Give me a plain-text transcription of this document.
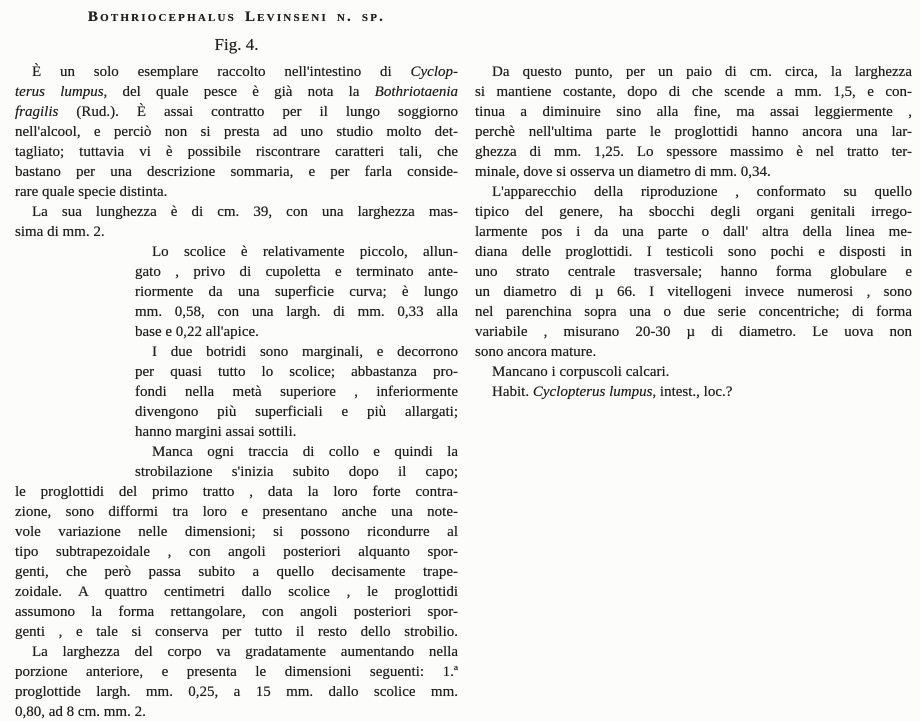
Bothriocephalus Levinseni n. sp.
Fig. 4.
È un solo esemplare raccolto nell'intestino di Cyclop-
terus lumpus, del quale pesce è già nota la Bothriotaenia
fragilis (Rud.). È assai contratto per il lungo soggiorno
nell'alcool, e perciò non si presta ad uno studio molto det-
tagliato; tuttavia vi è possibile riscontrare caratteri tali, che
bastano per una descrizione sommaria, e per farla conside-
rare quale specie distinta.
La sua lunghezza è di cm. 39, con una larghezza mas-
sima di mm. 2.
Lo scolice è relativamente piccolo, allun-
gato , privo di cupoletta e terminato ante-
riormente da una superficie curva; è lungo
mm. 0,58, con una largh. di mm. 0,33 alla
base e 0,22 all'apice.
I due botridi sono marginali, e decorrono
per quasi tutto lo scolice; abbastanza pro-
fondi nella metà superiore , inferiormente
divengono più superficiali e più allargati;
hanno margini assai sottili.
Manca ogni traccia di collo e quindi la
strobilazione s'inizia subito dopo il capo;
le proglottidi del primo tratto , data la loro forte contra-
zione, sono difformi tra loro e presentano anche una note-
vole variazione nelle dimensioni; si possono ricondurre al
tipo subtrapezoidale , con angoli posteriori alquanto spor-
genti, che però passa subito a quello decisamente trape-
zoidale. A quattro centimetri dallo scolice , le proglottidi
assumono la forma rettangolare, con angoli posteriori spor-
genti , e tale si conserva per tutto il resto dello strobilio.
La larghezza del corpo va gradatamente aumentando nella
porzione anteriore, e presenta le dimensioni seguenti: 1.ª
proglottide largh. mm. 0,25, a 15 mm. dallo scolice mm.
0,80, ad 8 cm. mm. 2.
Da questo punto, per un paio di cm. circa, la larghezza
si mantiene costante, dopo di che scende a mm. 1,5, e con-
tinua a diminuire sino alla fine, ma assai leggiermente ,
perchè nell'ultima parte le proglottidi hanno ancora una lar-
ghezza di mm. 1,25. Lo spessore massimo è nel tratto ter-
minale, dove si osserva un diametro di mm. 0,34.
L'apparecchio della riproduzione , conformato su quello
tipico del genere, ha sbocchi degli organi genitali irrego-
larmente pos i da una parte o dall' altra della linea me-
diana delle proglottidi. I testicoli sono pochi e disposti in
uno strato centrale trasversale; hanno forma globulare e
un diametro di µ 66. I vitellogeni invece numerosi , sono
nel parenchina sopra una o due serie concentriche; di forma
variabile , misurano 20-30 µ di diametro. Le uova non
sono ancora mature.
Mancano i corpuscoli calcari.
Habit. Cyclopterus lumpus, intest., loc.?
